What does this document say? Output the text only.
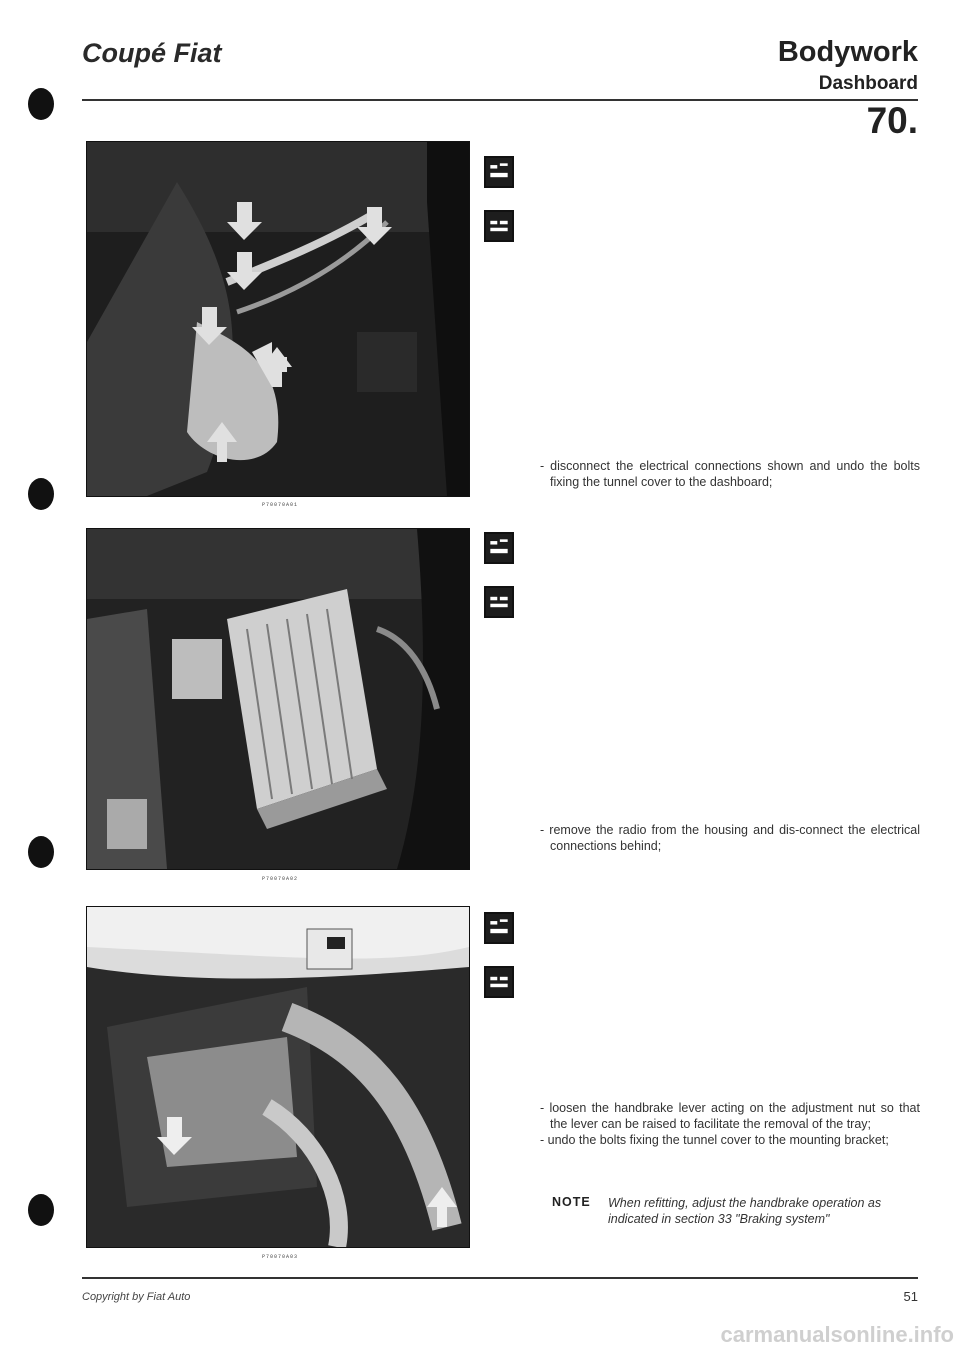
Coupé Fiat	Bodywork
Dashboard
70.
P70070A01

- disconnect the electrical connections shown and undo the bolts fixing the tunnel cover to the dashboard;

P70070A02

- remove the radio from the housing and dis-connect the electrical connections behind;

P70070A03

- loosen the handbrake lever acting on the adjustment nut so that the lever can be raised to facilitate the removal of the tray;

- undo the bolts fixing the tunnel cover to the mounting bracket;

NOTE When refitting, adjust the handbrake operation as indicated in section 33 "Braking system"
Copyright by Fiat Auto	51
carmanualsonline.info
